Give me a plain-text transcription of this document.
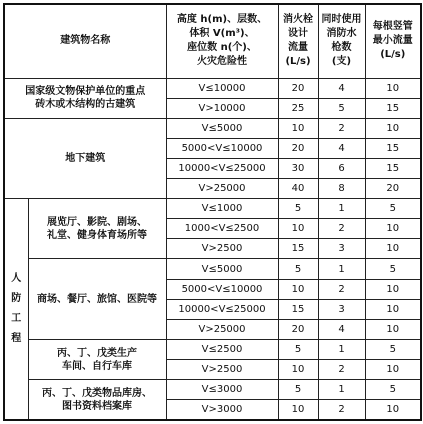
建筑物名称		高度 h(m)、层数、
体积 V(m³)、
座位数 n(个)、
火灾危险性	消火栓
设计
流量
(L/s)	同时使用
消防水
枪数
(支)	每根竖管
最小流量
(L/s)

国家级文物保护单位的重点
砖木或木结构的古建筑		V≤10000	20	4	10
		V>10000	25	5	15

地下建筑		V≤5000	10	2	10
		5000<V≤10000	20	4	15
		10000<V≤25000	30	6	15
		V>25000	40	8	20

人
防
工
程	展览厅、影院、剧场、
礼堂、健身体育场所等	V≤1000	5	1	5
		1000<V≤2500	10	2	10
		V>2500	15	3	10

	商场、餐厅、旅馆、医院等	V≤5000	5	1	5
		5000<V≤10000	10	2	10
		10000<V≤25000	15	3	10
		V>25000	20	4	10

	丙、丁、戊类生产
车间、自行车库	V≤2500	5	1	5
		V>2500	10	2	10

	丙、丁、戊类物品库房、
图书资料档案库	V≤3000	5	1	5
		V>3000	10	2	10
